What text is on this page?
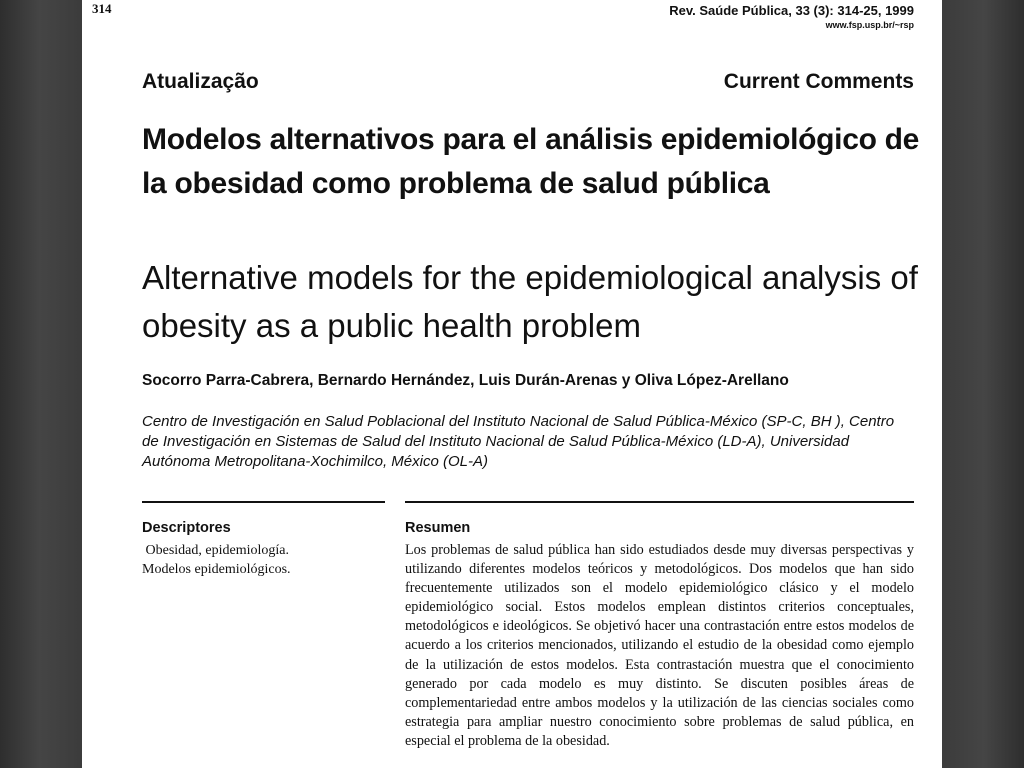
314	Rev. Saúde Pública, 33 (3): 314-25, 1999
www.fsp.usp.br/~rsp
Atualização	Current Comments
Modelos alternativos para el análisis epidemiológico de la obesidad como problema de salud pública
Alternative models for the epidemiological analysis of obesity as a public health problem
Socorro Parra-Cabrera, Bernardo Hernández, Luis Durán-Arenas y Oliva López-Arellano
Centro de Investigación en Salud Poblacional del Instituto Nacional de Salud Pública-México (SP-C, BH ), Centro de Investigación en Sistemas de Salud del Instituto Nacional de Salud Pública-México (LD-A), Universidad Autónoma Metropolitana-Xochimilco, México (OL-A)
Descriptores
Obesidad, epidemiología.
Modelos epidemiológicos.
Resumen
Los problemas de salud pública han sido estudiados desde muy diversas perspectivas y utilizando diferentes modelos teóricos y metodológicos. Dos modelos que han sido frecuentemente utilizados son el modelo epidemiológico clásico y el modelo epidemiológico social. Estos modelos emplean distintos criterios conceptuales, metodológicos e ideológicos. Se objetivó hacer una contrastación entre estos modelos de acuerdo a los criterios mencionados, utilizando el estudio de la obesidad como ejemplo de la utilización de estos modelos. Esta contrastación muestra que el conocimiento generado por cada modelo es muy distinto. Se discuten posibles áreas de complementariedad entre ambos modelos y la utilización de las ciencias sociales como estrategia para ampliar nuestro conocimiento sobre problemas de salud pública, en especial el problema de la obesidad.
